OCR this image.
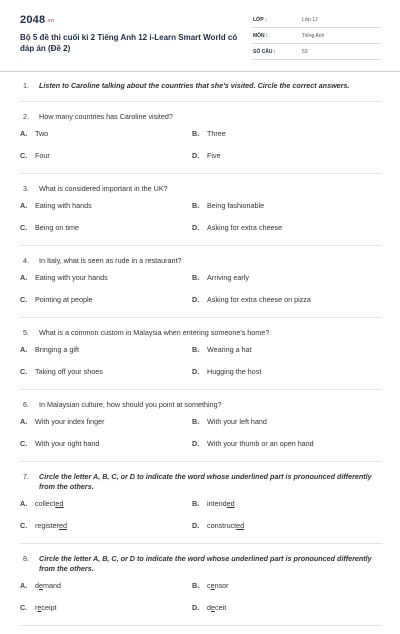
2048.vn
Bộ 5 đề thi cuối kì 2 Tiếng Anh 12 i-Learn Smart World có đáp án (Đề 2)
LỚP :	Lớp 12
MÔN :	Tiếng Anh
SỐ CÂU :	53
1. Listen to Caroline talking about the countries that she's visited. Circle the correct answers.
2. How many countries has Caroline visited?
A. Two	B. Three
C. Four	D. Five
3. What is considered important in the UK?
A. Eating with hands	B. Being fashionable
C. Being on time	D. Asking for extra cheese
4. In Italy, what is seen as rude in a restaurant?
A. Eating with your hands	B. Arriving early
C. Pointing at people	D. Asking for extra cheese on pizza
5. What is a common custom in Malaysia when entering someone's home?
A. Bringing a gift	B. Wearing a hat
C. Taking off your shoes	D. Hugging the host
6. In Malaysian culture, how should you point at something?
A. With your index finger	B. With your left hand
C. With your right hand	D. With your thumb or an open hand
7. Circle the letter A, B, C, or D to indicate the word whose underlined part is pronounced differently from the others.
A. collected	B. intended
C. registered	D. constructed
8. Circle the letter A, B, C, or D to indicate the word whose underlined part is pronounced differently from the others.
A. demand	B. censor
C. receipt	D. deceit
